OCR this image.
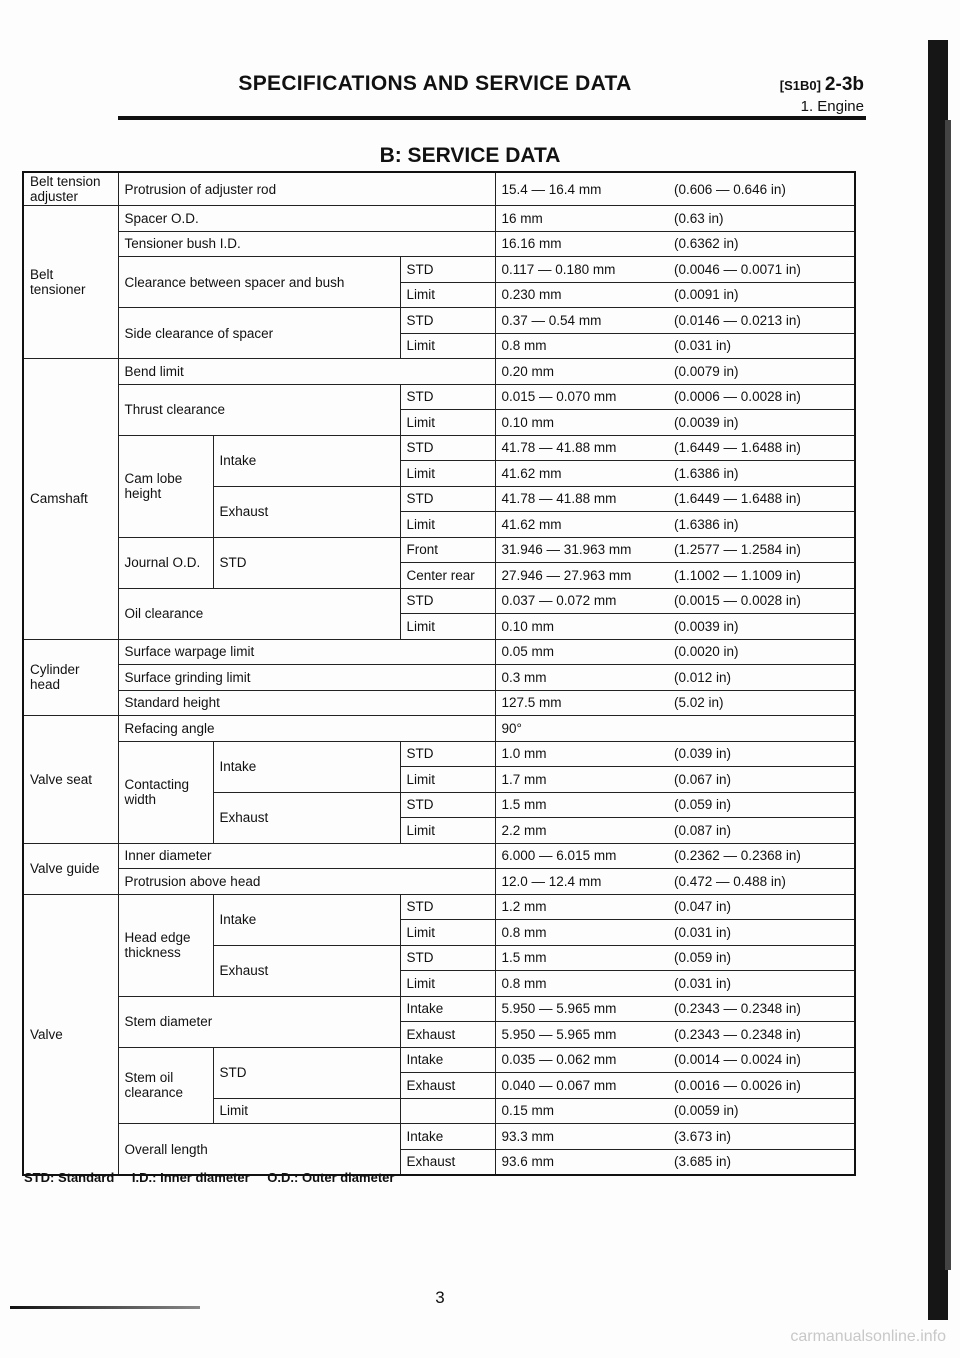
SPECIFICATIONS AND SERVICE DATA	[S1B0] 2-3b
1. Engine
B: SERVICE DATA
Belt tension adjuster	Protrusion of adjuster rod			15.4 — 16.4 mm	(0.606 — 0.646 in)
Belt tensioner	Spacer O.D.			16 mm	(0.63 in)
	Tensioner bush I.D.			16.16 mm	(0.6362 in)
	Clearance between spacer and bush		STD	0.117 — 0.180 mm	(0.0046 — 0.0071 in)
			Limit	0.230 mm	(0.0091 in)
	Side clearance of spacer		STD	0.37 — 0.54 mm	(0.0146 — 0.0213 in)
			Limit	0.8 mm	(0.031 in)
Camshaft	Bend limit			0.20 mm	(0.0079 in)
	Thrust clearance		STD	0.015 — 0.070 mm	(0.0006 — 0.0028 in)
			Limit	0.10 mm	(0.0039 in)
	Cam lobe height	Intake	STD	41.78 — 41.88 mm	(1.6449 — 1.6488 in)
			Limit	41.62 mm	(1.6386 in)
		Exhaust	STD	41.78 — 41.88 mm	(1.6449 — 1.6488 in)
			Limit	41.62 mm	(1.6386 in)
	Journal O.D.	STD	Front	31.946 — 31.963 mm	(1.2577 — 1.2584 in)
			Center rear	27.946 — 27.963 mm	(1.1002 — 1.1009 in)
	Oil clearance		STD	0.037 — 0.072 mm	(0.0015 — 0.0028 in)
			Limit	0.10 mm	(0.0039 in)
Cylinder head	Surface warpage limit			0.05 mm	(0.0020 in)
	Surface grinding limit			0.3 mm	(0.012 in)
	Standard height			127.5 mm	(5.02 in)
Valve seat	Refacing angle			90°	
	Contacting width	Intake	STD	1.0 mm	(0.039 in)
			Limit	1.7 mm	(0.067 in)
		Exhaust	STD	1.5 mm	(0.059 in)
			Limit	2.2 mm	(0.087 in)
Valve guide	Inner diameter			6.000 — 6.015 mm	(0.2362 — 0.2368 in)
	Protrusion above head			12.0 — 12.4 mm	(0.472 — 0.488 in)
Valve	Head edge thickness	Intake	STD	1.2 mm	(0.047 in)
			Limit	0.8 mm	(0.031 in)
		Exhaust	STD	1.5 mm	(0.059 in)
			Limit	0.8 mm	(0.031 in)
	Stem diameter		Intake	5.950 — 5.965 mm	(0.2343 — 0.2348 in)
			Exhaust	5.950 — 5.965 mm	(0.2343 — 0.2348 in)
	Stem oil clearance	STD	Intake	0.035 — 0.062 mm	(0.0014 — 0.0024 in)
			Exhaust	0.040 — 0.067 mm	(0.0016 — 0.0026 in)
		Limit		0.15 mm	(0.0059 in)
	Overall length		Intake	93.3 mm	(3.673 in)
			Exhaust	93.6 mm	(3.685 in)
STD: Standard I.D.: Inner diameter O.D.: Outer diameter
3
carmanualsonline.info
